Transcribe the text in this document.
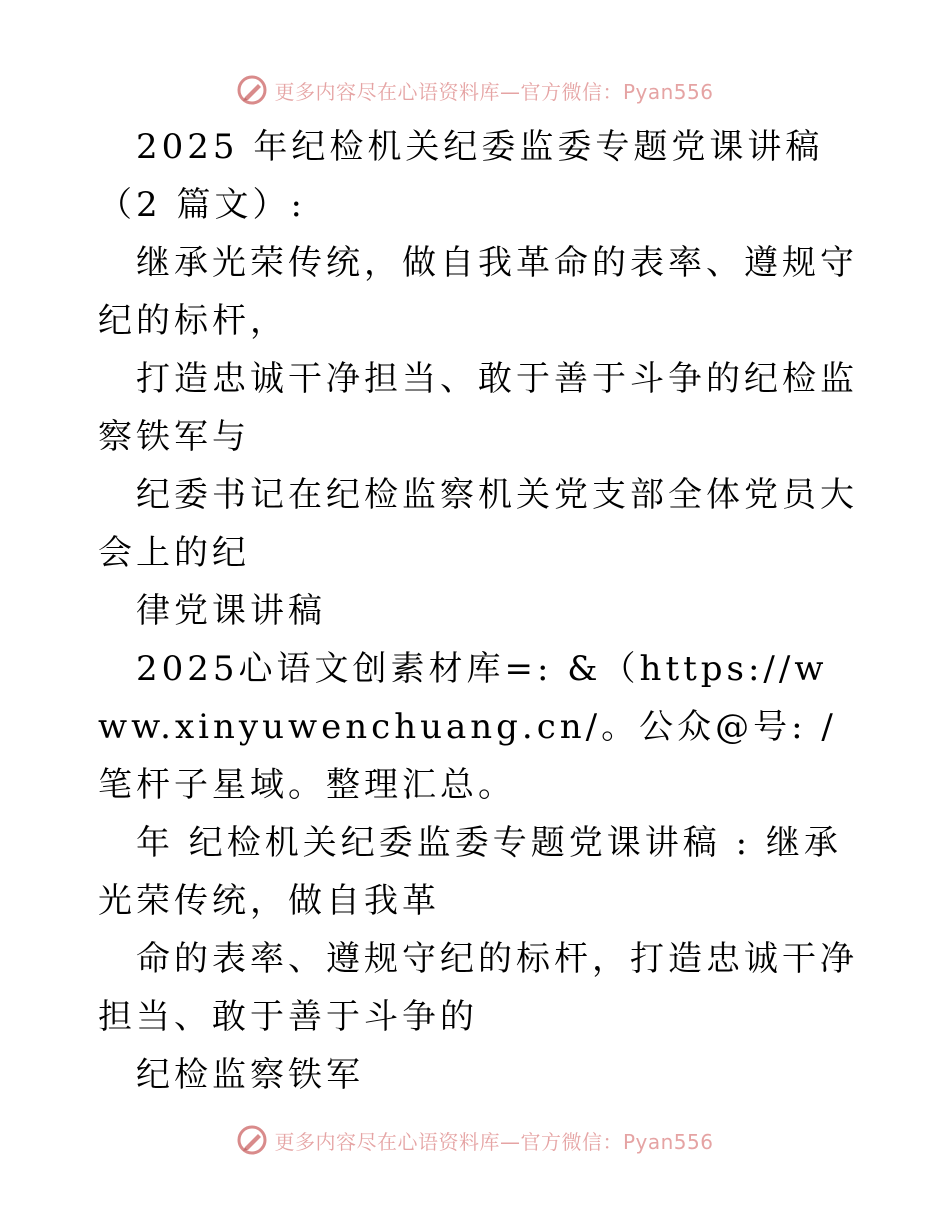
更多内容尽在心语资料库—官方微信：Pyan556

2025 年纪检机关纪委监委专题党课讲稿（2 篇文）:

继承光荣传统，做自我革命的表率、遵规守纪的标杆，

打造忠诚干净担当、敢于善于斗争的纪检监察铁军与

纪委书记在纪检监察机关党支部全体党员大会上的纪

律党课讲稿

2025心语文创素材库=: &（https://www.xinyuwenchuang.cn/。公众@号: /笔杆子星域。整理汇总。

年 纪检机关纪委监委专题党课讲稿 : 继承光荣传统，做自我革

命的表率、遵规守纪的标杆，打造忠诚干净担当、敢于善于斗争的

纪检监察铁军

更多内容尽在心语资料库—官方微信：Pyan556
